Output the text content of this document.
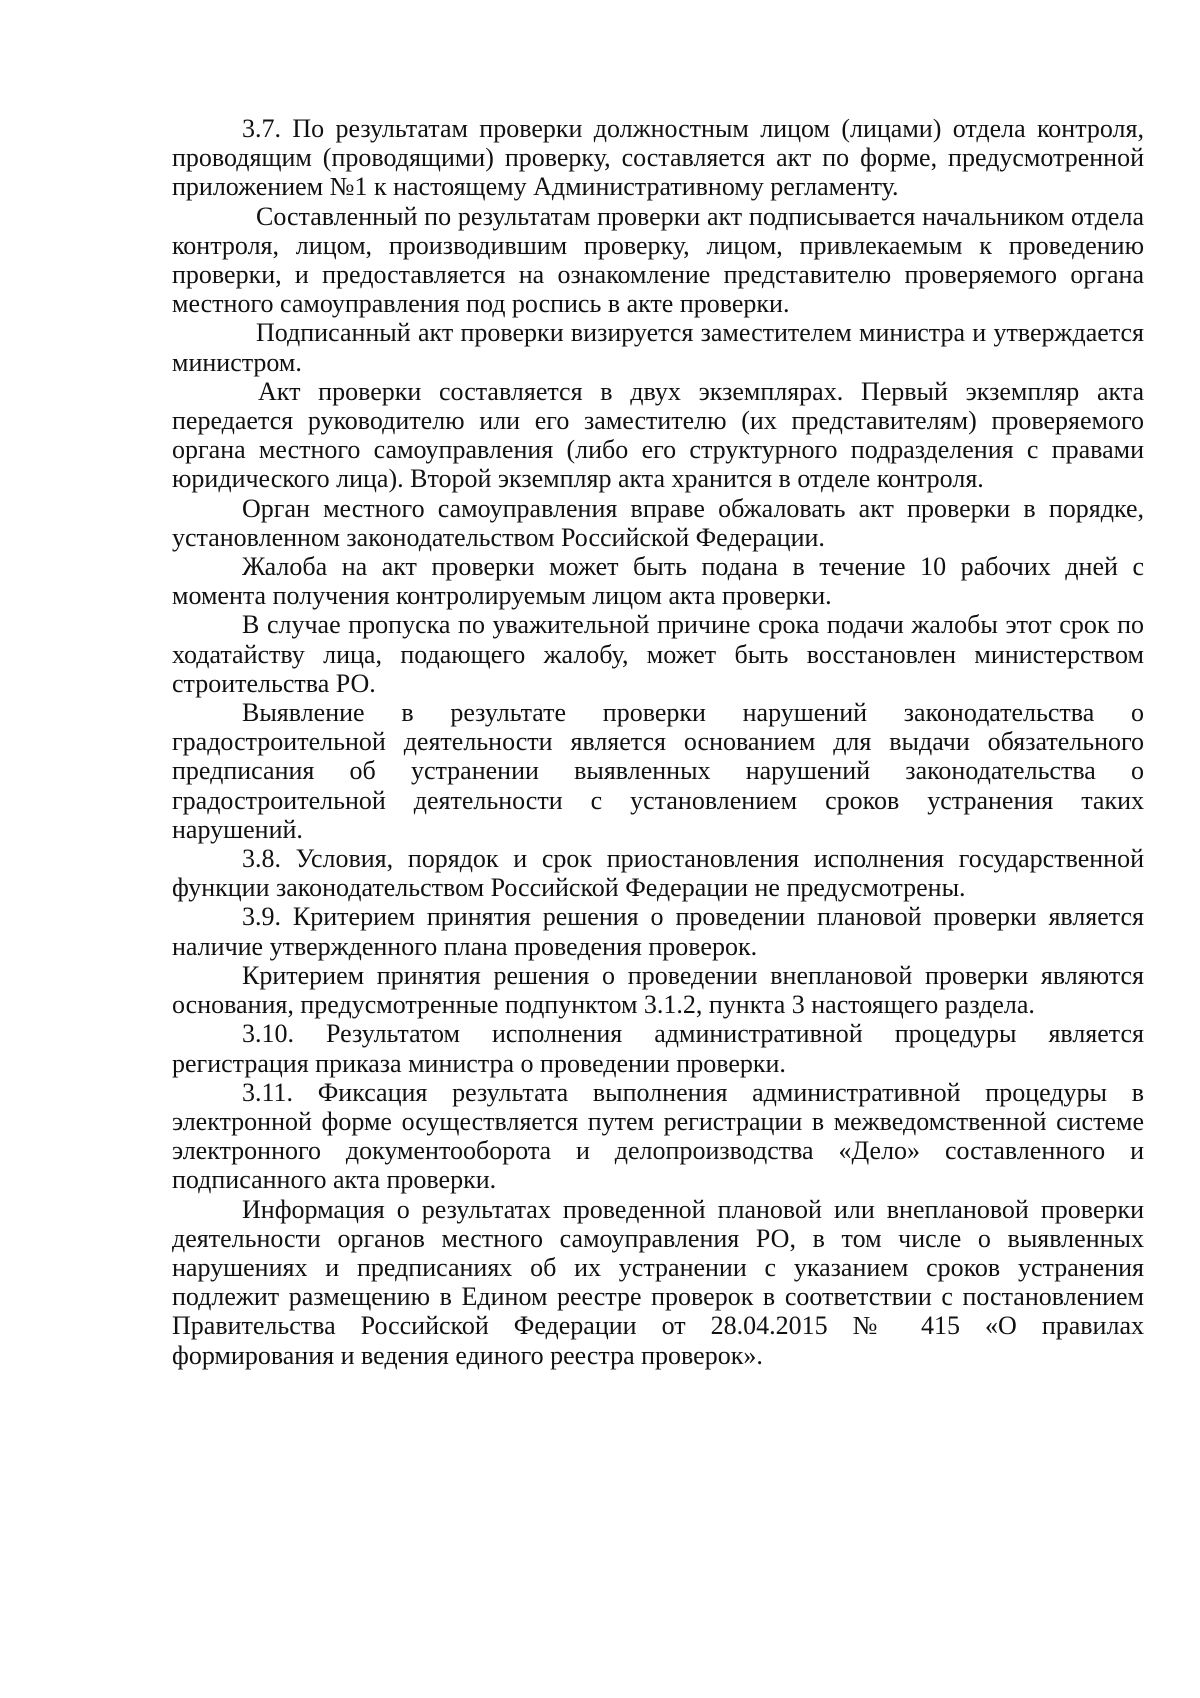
3.7. По результатам проверки должностным лицом (лицами) отдела контроля, проводящим (проводящими) проверку, составляется акт по форме, предусмотренной приложением №1 к настоящему Административному регламенту.

Составленный по результатам проверки акт подписывается начальником отдела контроля, лицом, производившим проверку, лицом, привлекаемым к проведению проверки, и предоставляется на ознакомление представителю проверяемого органа местного самоуправления под роспись в акте проверки.

Подписанный акт проверки визируется заместителем министра и утверждается министром.

Акт проверки составляется в двух экземплярах. Первый экземпляр акта передается руководителю или его заместителю (их представителям) проверяемого органа местного самоуправления (либо его структурного подразделения с правами юридического лица). Второй экземпляр акта хранится в отделе контроля.

Орган местного самоуправления вправе обжаловать акт проверки в порядке, установленном законодательством Российской Федерации.

Жалоба на акт проверки может быть подана в течение 10 рабочих дней с момента получения контролируемым лицом акта проверки.

В случае пропуска по уважительной причине срока подачи жалобы этот срок по ходатайству лица, подающего жалобу, может быть восстановлен министерством строительства РО.

Выявление в результате проверки нарушений законодательства о градостроительной деятельности является основанием для выдачи обязательного предписания об устранении выявленных нарушений законодательства о градостроительной деятельности с установлением сроков устранения таких нарушений.

3.8. Условия, порядок и срок приостановления исполнения государственной функции законодательством Российской Федерации не предусмотрены.

3.9. Критерием принятия решения о проведении плановой проверки является наличие утвержденного плана проведения проверок.

Критерием принятия решения о проведении внеплановой проверки являются основания, предусмотренные подпунктом 3.1.2, пункта 3 настоящего раздела.

3.10. Результатом исполнения административной процедуры является регистрация приказа министра о проведении проверки.

3.11. Фиксация результата выполнения административной процедуры в электронной форме осуществляется путем регистрации в межведомственной системе электронного документооборота и делопроизводства «Дело» составленного и подписанного акта проверки.

Информация о результатах проведенной плановой или внеплановой проверки деятельности органов местного самоуправления РО, в том числе о выявленных нарушениях и предписаниях об их устранении с указанием сроков устранения подлежит размещению в Едином реестре проверок в соответствии с постановлением Правительства Российской Федерации от 28.04.2015 № 415 «О правилах формирования и ведения единого реестра проверок».
